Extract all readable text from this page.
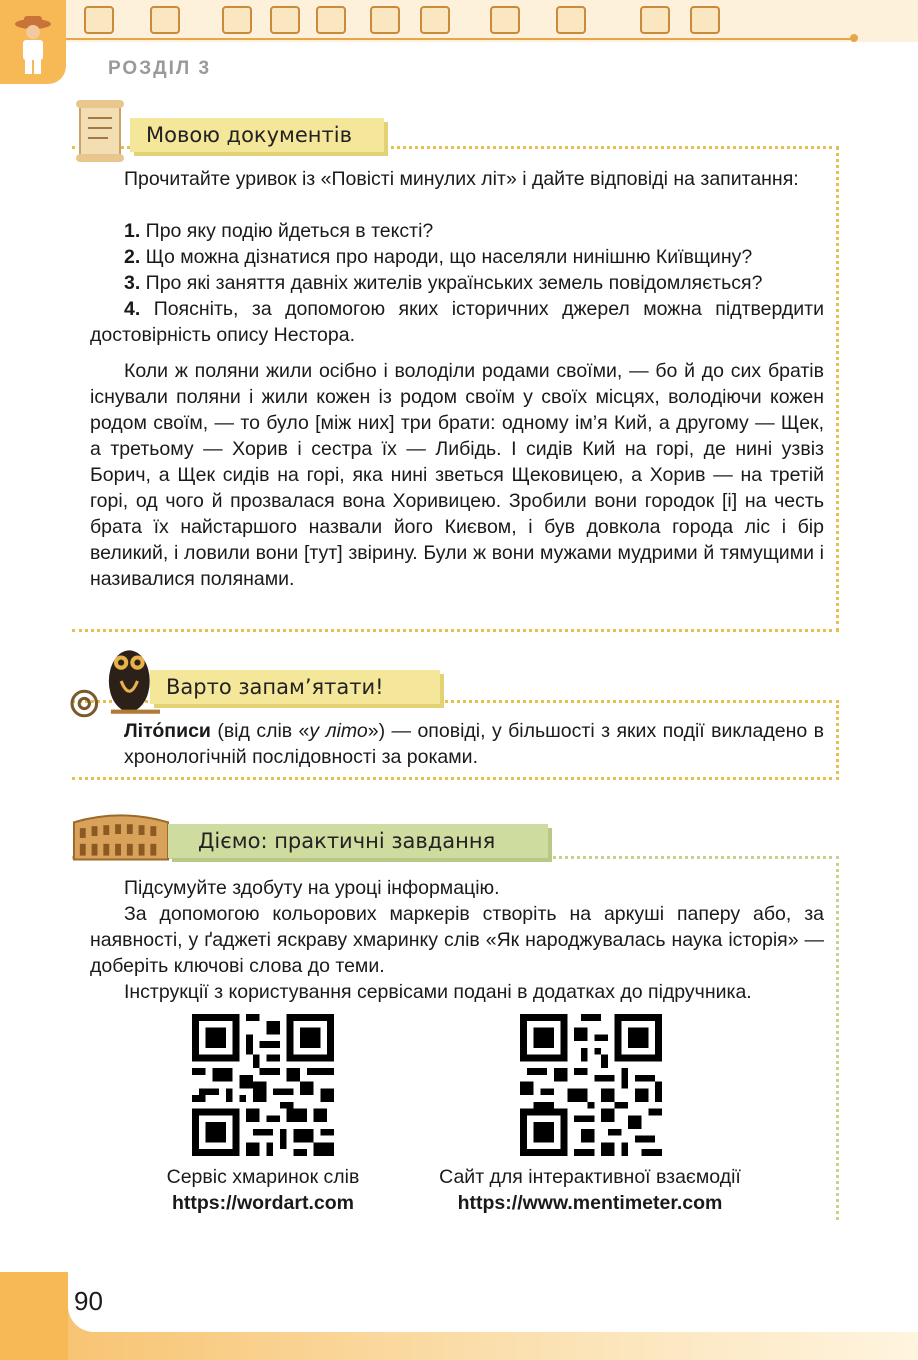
РОЗДІЛ 3
Мовою документів

Прочитайте уривок із «Повісті минулих літ» і дайте відповіді на запитання:

1. Про яку подію йдеться в тексті?

2. Що можна дізнатися про народи, що населяли нинішню Київщину?

3. Про які заняття давніх жителів українських земель повідомляється?

4. Поясніть, за допомогою яких історичних джерел можна підтвердити достовірність опису Нестора.

Коли ж поляни жили осібно і володіли родами своїми, — бо й до сих братів існували поляни і жили кожен із родом своїм у своїх місцях, володіючи кожен родом своїм, — то було [між них] три брати: одному ім’я Кий, а другому — Щек, а третьому — Хорив і сестра їх — Либідь. І сидів Кий на горі, де нині узвіз Борич, а Щек сидів на горі, яка нині зветься Щековицею, а Хорив — на третій горі, од чого й прозвалася вона Хоривицею. Зробили вони городок [і] на честь брата їх найстаршого назвали його Києвом, і був довкола города ліс і бір великий, і ловили вони [тут] звірину. Були ж вони мужами мудрими й тямущими і називалися полянами.

Варто запам’ятати!

Літо́писи (від слів «у літо») — оповіді, у більшості з яких події викладено в хронологічній послідовності за роками.

Діємо: практичні завдання

Підсумуйте здобуту на уроці інформацію.

За допомогою кольорових маркерів створіть на аркуші паперу або, за наявності, у ґаджеті яскраву хмаринку слів «Як народжувалась наука історія» — доберіть ключові слова до теми.

Інструкції з користування сервісами подані в додатках до підручника.

Сервіс хмаринок слів
https://wordart.com
Сайт для інтерактивної взаємодії
https://www.mentimeter.com
90
